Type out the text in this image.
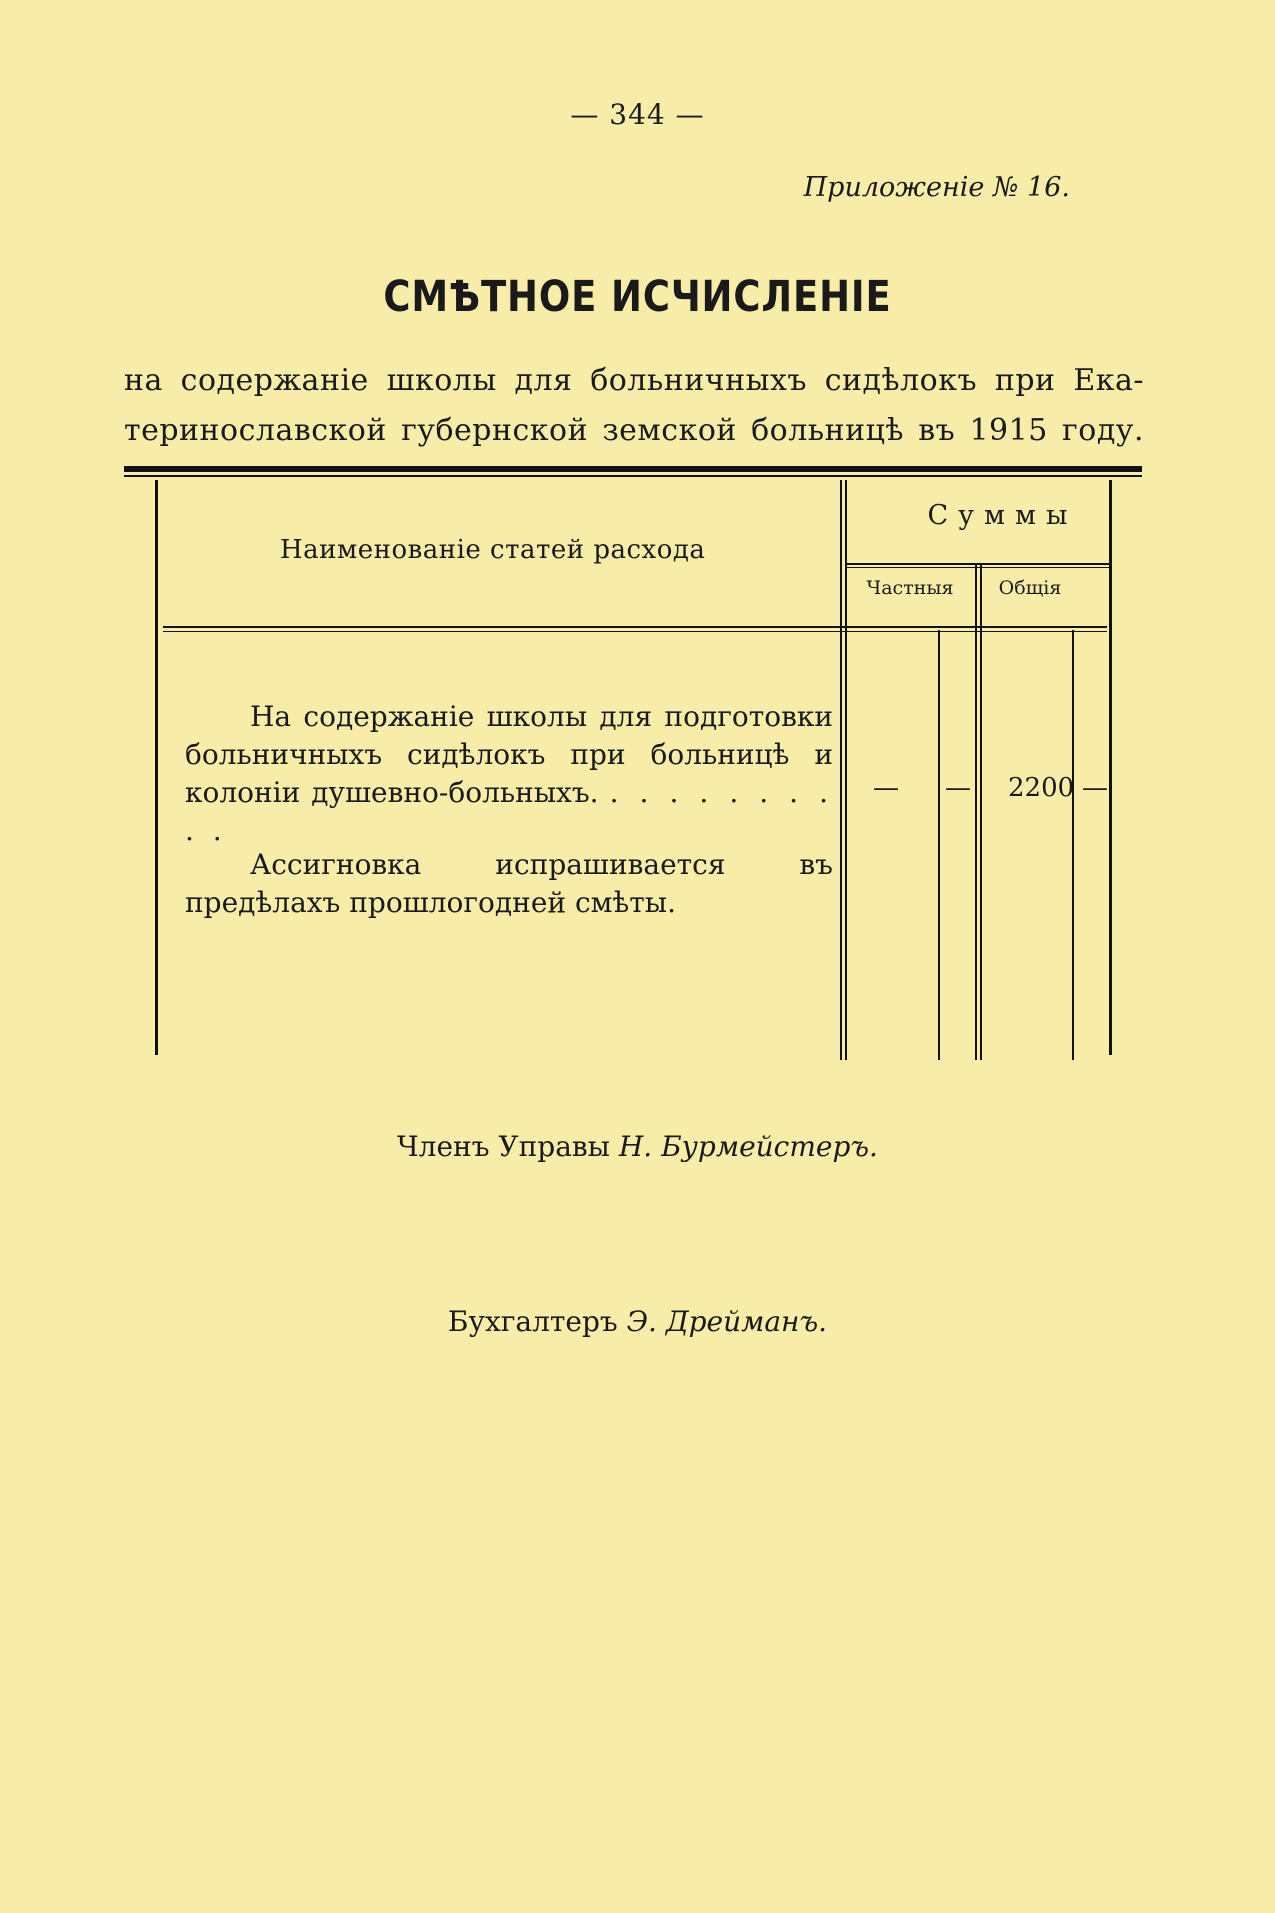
— 344 —
Приложеніе № 16.
СМѢТНОЕ ИСЧИСЛЕНІЕ
на содержаніе школы для больничныхъ сидѣлокъ при Ека-
теринославской губернской земской больницѣ въ 1915 году.
Наименованіе статей расхода
Суммы
Частныя	Общія
На содержаніе школы для подготовки больничныхъ сидѣлокъ при больницѣ и колоніи душевно-больныхъ. . . . . . . . . . .
— — 2200 —
Ассигновка испрашивается въ предѣлахъ прошлогодней смѣты.
Членъ Управы Н. Бурмейстеръ.
Бухгалтеръ Э. Дрейманъ.
